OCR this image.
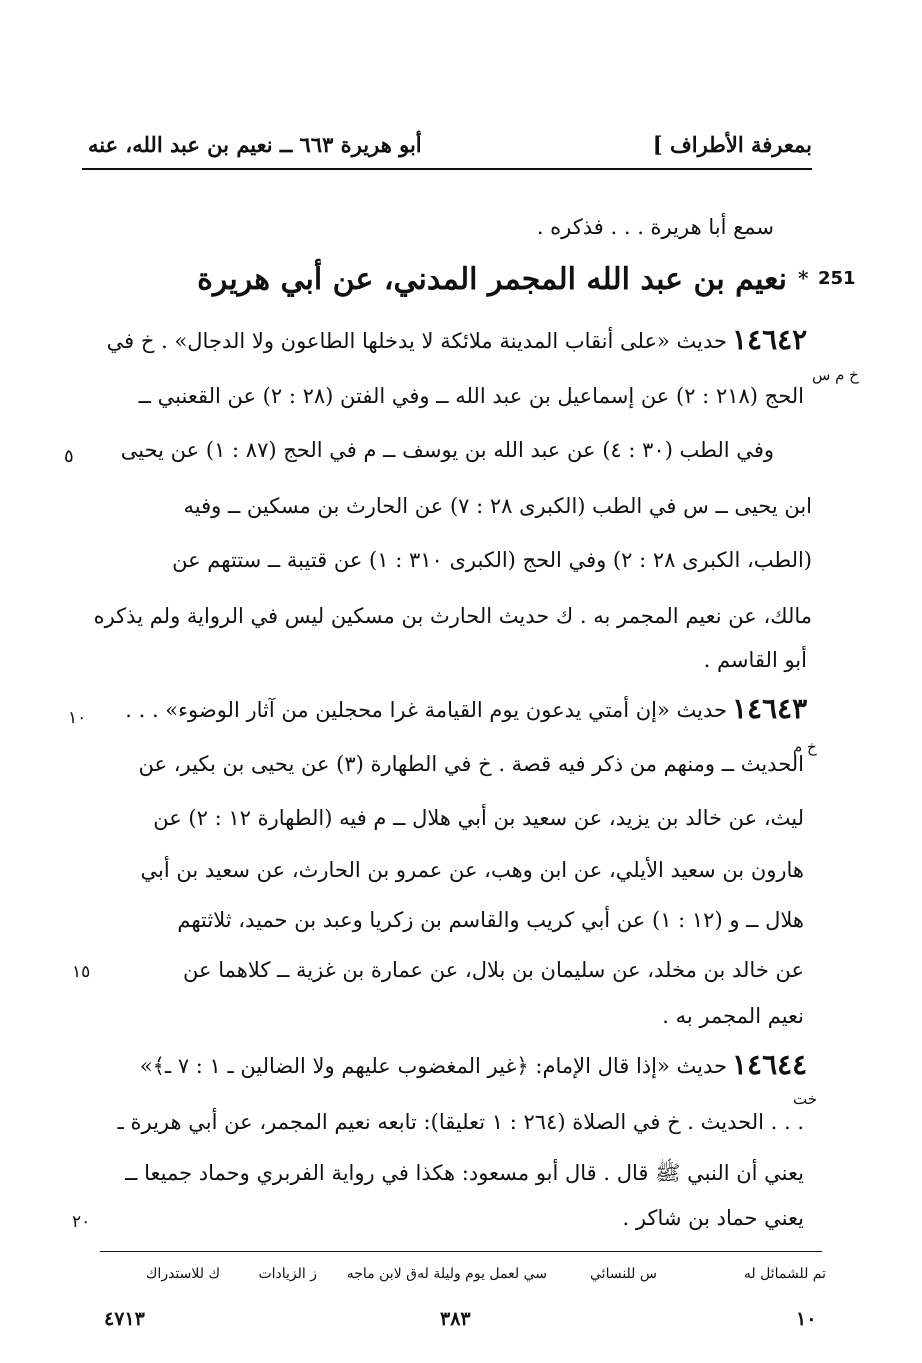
بمعرفة الأطراف ]
أبو هريرة ٦٦٣ ــ نعيم بن عبد الله، عنه
سمع أبا هريرة . . . فذكره .
251
*
نعيم بن عبد الله المجمر المدني، عن أبي هريرة
١٤٦٤٢
خ م س
حديث «على أنقاب المدينة ملائكة لا يدخلها الطاعون ولا الدجال» . خ في
الحج (٢١٨ : ٢) عن إسماعيل بن عبد الله ــ وفي الفتن (٢٨ : ٢) عن القعنبي ــ
وفي الطب (٣٠ : ٤) عن عبد الله بن يوسف ــ م في الحج (٨٧ : ١) عن يحيى
ابن يحيى ــ س في الطب (الكبرى ٢٨ : ٧) عن الحارث بن مسكين ــ وفيه
(الطب، الكبرى ٢٨ : ٢) وفي الحج (الكبرى ٣١٠ : ١) عن قتيبة ــ ستتهم عن
مالك، عن نعيم المجمر به . ك حديث الحارث بن مسكين ليس في الرواية ولم يذكره
أبو القاسم .
١٤٦٤٣
خ م
حديث «إن أمتي يدعون يوم القيامة غرا محجلين من آثار الوضوء» . . .
الحديث ــ ومنهم من ذكر فيه قصة . خ في الطهارة (٣) عن يحيى بن بكير، عن
ليث، عن خالد بن يزيد، عن سعيد بن أبي هلال ــ م فيه (الطهارة ١٢ : ٢) عن
هارون بن سعيد الأيلي، عن ابن وهب، عن عمرو بن الحارث، عن سعيد بن أبي
هلال ــ و (١٢ : ١) عن أبي كريب والقاسم بن زكريا وعبد بن حميد، ثلاثتهم
عن خالد بن مخلد، عن سليمان بن بلال، عن عمارة بن غزية ــ كلاهما عن
نعيم المجمر به .
١٤٦٤٤
خت
حديث «إذا قال الإمام: ﴿غير المغضوب عليهم ولا الضالين ـ ١ : ٧ ـ﴾»
. . . الحديث . خ في الصلاة (٢٦٤ : ١ تعليقا): تابعه نعيم المجمر، عن أبي هريرة ـ
يعني أن النبي ﷺ قال . قال أبو مسعود: هكذا في رواية الفربري وحماد جميعا ــ
يعني حماد بن شاكر .
٥
١٠
١٥
٢٠
تم للشمائل له
س للنسائي
سي لعمل يوم وليلة له
ق لابن ماجه
ز الزيادات
ك للاستدراك
١٠
٣٨٣
٤٧١٣
